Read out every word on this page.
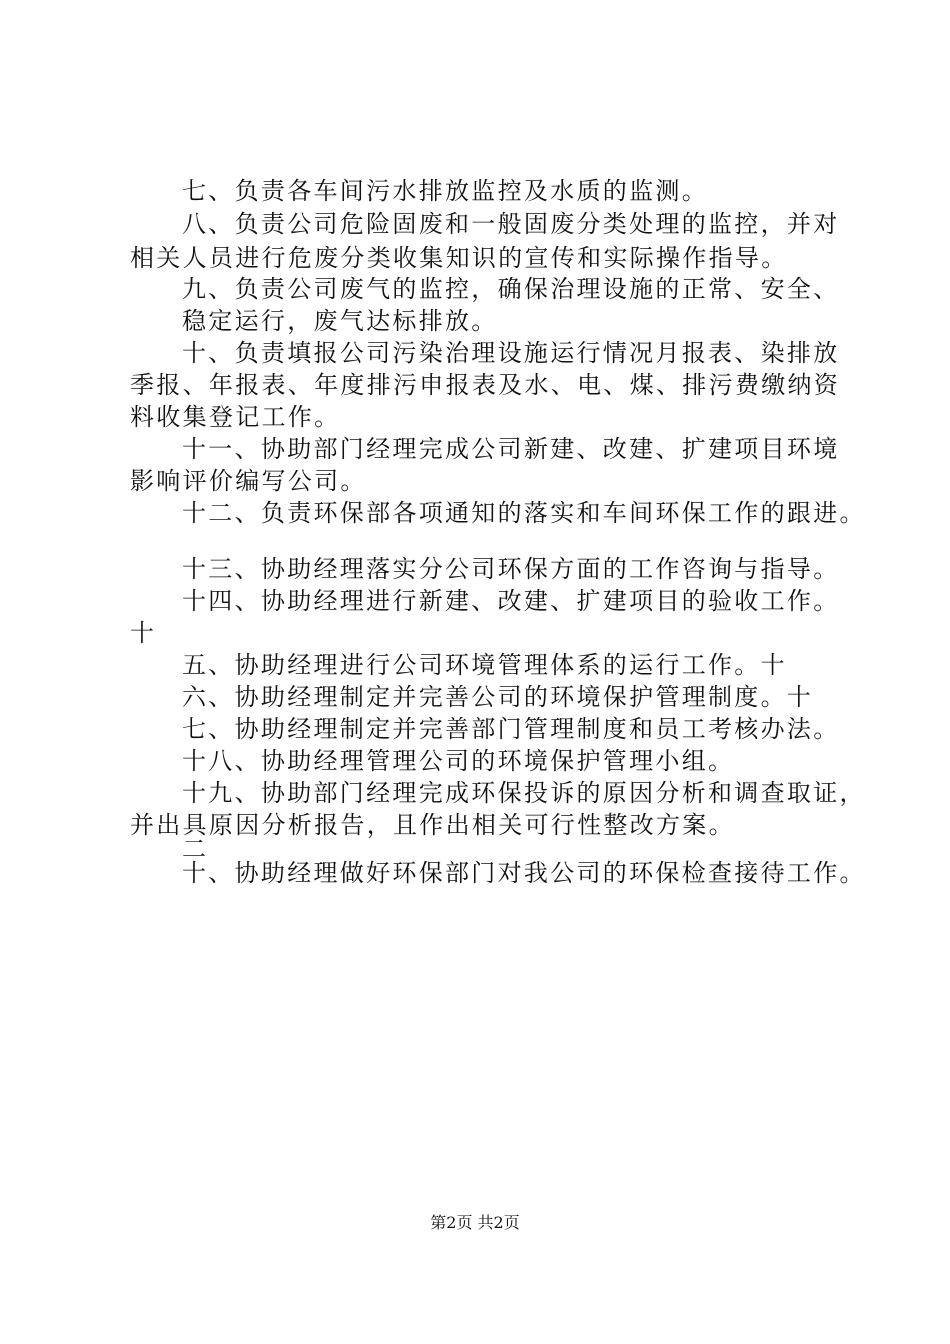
七、负责各车间污水排放监控及水质的监测。
八、负责公司危险固废和一般固废分类处理的监控，并对
相关人员进行危废分类收集知识的宣传和实际操作指导。
九、负责公司废气的监控，确保治理设施的正常、安全、
稳定运行，废气达标排放。
十、负责填报公司污染治理设施运行情况月报表、染排放
季报、年报表、年度排污申报表及水、电、煤、排污费缴纳资
料收集登记工作。
十一、协助部门经理完成公司新建、改建、扩建项目环境
影响评价编写公司。
十二、负责环保部各项通知的落实和车间环保工作的跟进。
十三、协助经理落实分公司环保方面的工作咨询与指导。
十四、协助经理进行新建、改建、扩建项目的验收工作。
十
五、协助经理进行公司环境管理体系的运行工作。十
六、协助经理制定并完善公司的环境保护管理制度。十
七、协助经理制定并完善部门管理制度和员工考核办法。
十八、协助经理管理公司的环境保护管理小组。
十九、协助部门经理完成环保投诉的原因分析和调查取证，
并出具原因分析报告，且作出相关可行性整改方案。
二
十、协助经理做好环保部门对我公司的环保检查接待工作。
第2页 共2页
